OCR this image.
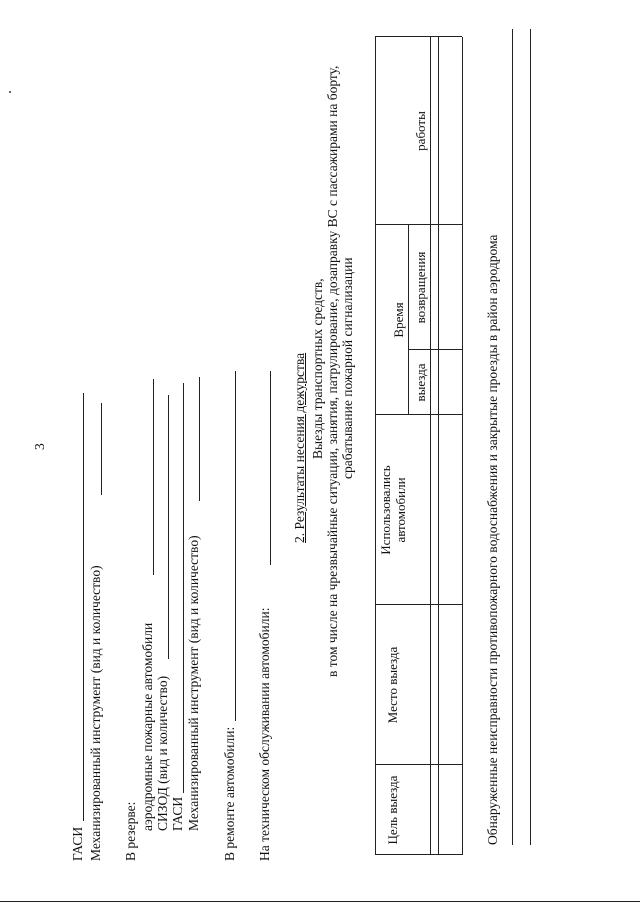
3
ГАСИ Механизированный инструмент (вид и количество) В резерве:
аэродромные пожарные автомобили СИЗОД (вид и количество) ГАСИ Механизированный инструмент (вид и количество) В ремонте автомобили: На техническом обслуживании автомобили:
2. Результаты несения дежурства Выезды транспортных средств, в том числе на чрезвычайные ситуации, занятия, патрулирование, дозаправку ВС с пассажирами на борту, срабатывание пожарной сигнализации
Цель выезда
Место выезда
Использовались автомобили
Время
выезда
возвращения
работы
Обнаруженные неисправности противопожарного водоснабжения и закрытые проезды в район аэродрома
